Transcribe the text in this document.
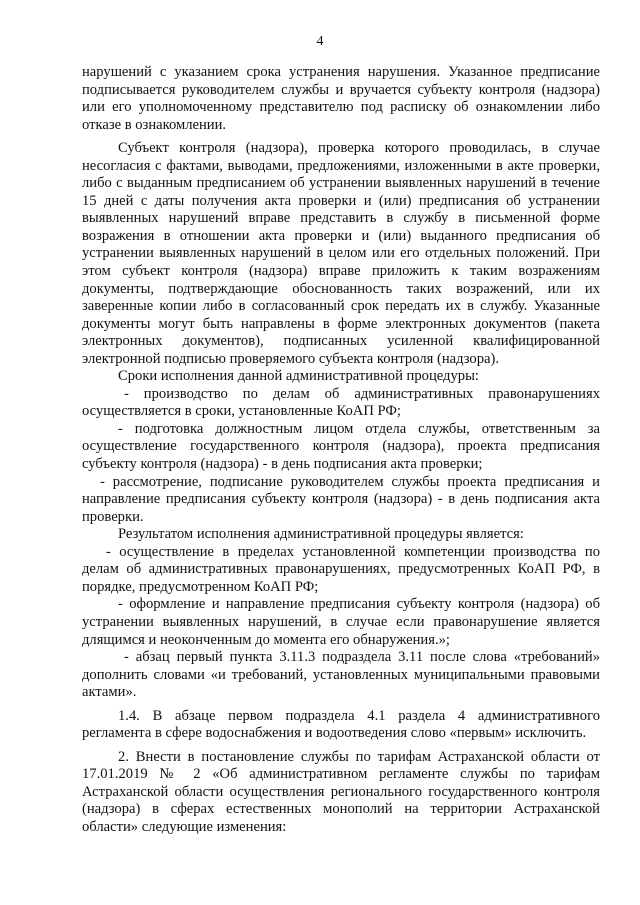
4

нарушений с указанием срока устранения нарушения. Указанное предписание подписывается руководителем службы и вручается субъекту контроля (надзора) или его уполномоченному представителю под расписку об ознакомлении либо отказе в ознакомлении.

Субъект контроля (надзора), проверка которого проводилась, в случае несогласия с фактами, выводами, предложениями, изложенными в акте проверки, либо с выданным предписанием об устранении выявленных нарушений в течение 15 дней с даты получения акта проверки и (или) предписания об устранении выявленных нарушений вправе представить в службу в письменной форме возражения в отношении акта проверки и (или) выданного предписания об устранении выявленных нарушений в целом или его отдельных положений. При этом субъект контроля (надзора) вправе приложить к таким возражениям документы, подтверждающие обоснованность таких возражений, или их заверенные копии либо в согласованный срок передать их в службу. Указанные документы могут быть направлены в форме электронных документов (пакета электронных документов), подписанных усиленной квалифицированной электронной подписью проверяемого субъекта контроля (надзора).

Сроки исполнения данной административной процедуры:

- производство по делам об административных правонарушениях осуществляется в сроки, установленные КоАП РФ;

- подготовка должностным лицом отдела службы, ответственным за осуществление государственного контроля (надзора), проекта предписания субъекту контроля (надзора) - в день подписания акта проверки;

- рассмотрение, подписание руководителем службы проекта предписания и направление предписания субъекту контроля (надзора) - в день подписания акта проверки.

Результатом исполнения административной процедуры является:

- осуществление в пределах установленной компетенции производства по делам об административных правонарушениях, предусмотренных КоАП РФ, в порядке, предусмотренном КоАП РФ;

- оформление и направление предписания субъекту контроля (надзора) об устранении выявленных нарушений, в случае если правонарушение является длящимся и неоконченным до момента его обнаружения.»;

- абзац первый пункта 3.11.3 подраздела 3.11 после слова «требований» дополнить словами «и требований, установленных муниципальными правовыми актами».

1.4. В абзаце первом подраздела 4.1 раздела 4 административного регламента в сфере водоснабжения и водоотведения слово «первым» исключить.

2. Внести в постановление службы по тарифам Астраханской области от 17.01.2019 № 2 «Об административном регламенте службы по тарифам Астраханской области осуществления регионального государственного контроля (надзора) в сферах естественных монополий на территории Астраханской области» следующие изменения:
